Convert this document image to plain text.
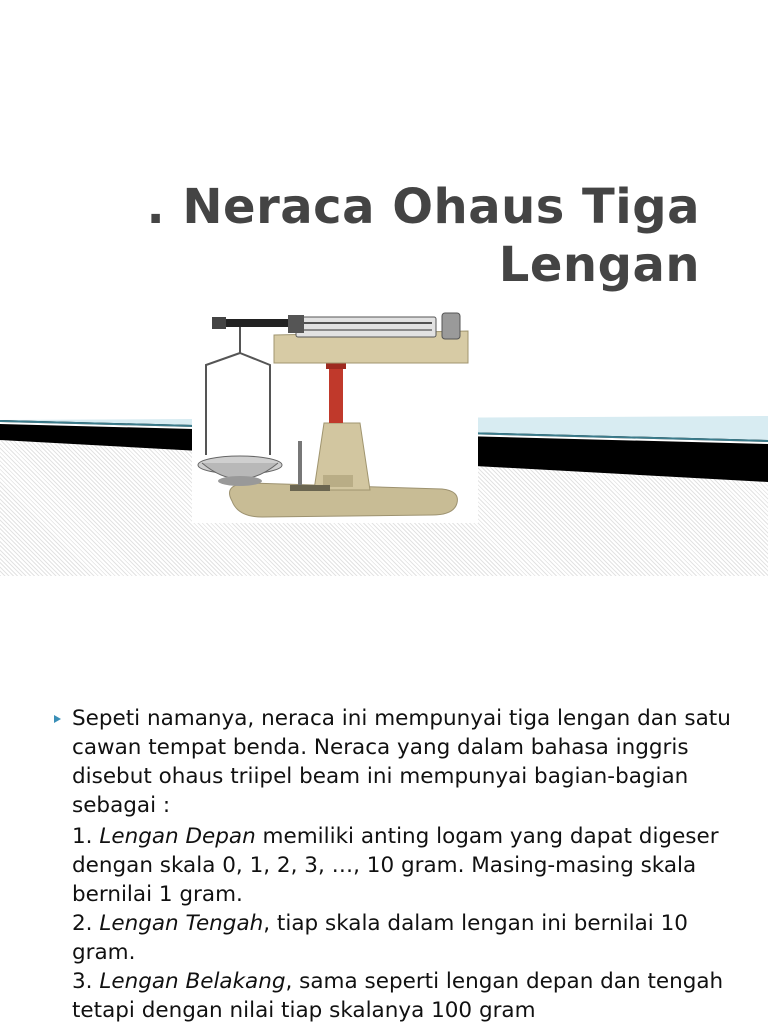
. Neraca Ohaus Tiga
Lengan

Sepeti namanya, neraca ini mempunyai tiga lengan dan satu cawan tempat benda. Neraca yang dalam bahasa inggris disebut ohaus triipel beam ini mempunyai bagian-bagian sebagai :

1. Lengan Depan memiliki anting logam yang dapat digeser dengan skala 0, 1, 2, 3, …, 10 gram. Masing-masing skala bernilai 1 gram.

2. Lengan Tengah, tiap skala dalam lengan ini bernilai 10 gram.

3. Lengan Belakang, sama seperti lengan depan dan tengah tetapi dengan nilai tiap skalanya 100 gram
